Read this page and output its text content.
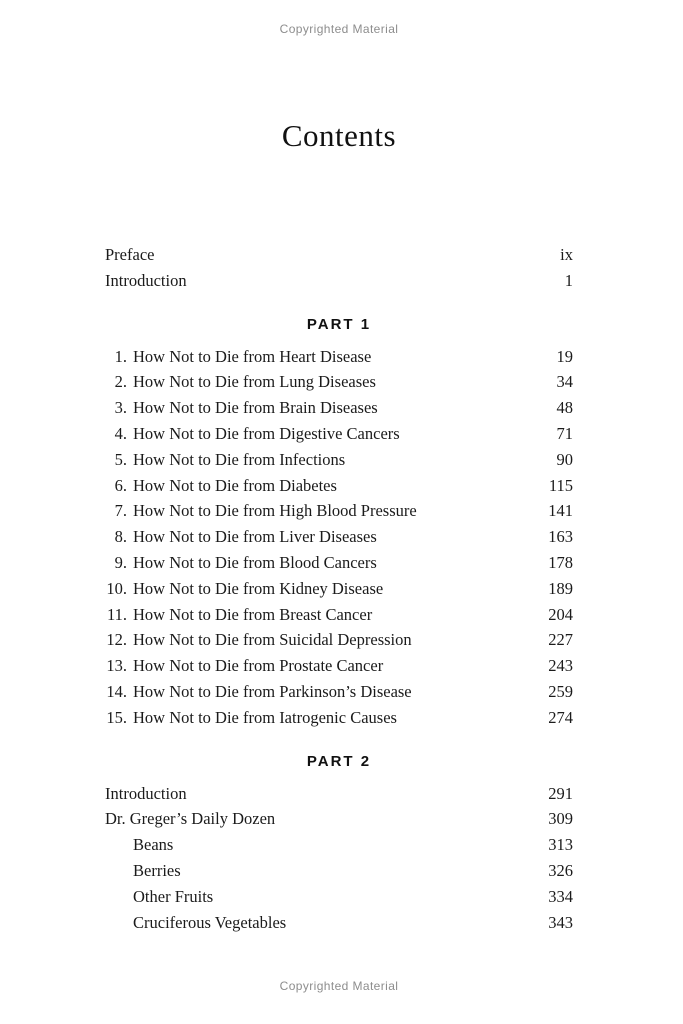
Copyrighted Material
Contents
Preface	ix
Introduction	1
PART 1
1. How Not to Die from Heart Disease	19
2. How Not to Die from Lung Diseases	34
3. How Not to Die from Brain Diseases	48
4. How Not to Die from Digestive Cancers	71
5. How Not to Die from Infections	90
6. How Not to Die from Diabetes	115
7. How Not to Die from High Blood Pressure	141
8. How Not to Die from Liver Diseases	163
9. How Not to Die from Blood Cancers	178
10. How Not to Die from Kidney Disease	189
11. How Not to Die from Breast Cancer	204
12. How Not to Die from Suicidal Depression	227
13. How Not to Die from Prostate Cancer	243
14. How Not to Die from Parkinson’s Disease	259
15. How Not to Die from Iatrogenic Causes	274
PART 2
Introduction	291
Dr. Greger’s Daily Dozen	309
Beans	313
Berries	326
Other Fruits	334
Cruciferous Vegetables	343
Copyrighted Material
